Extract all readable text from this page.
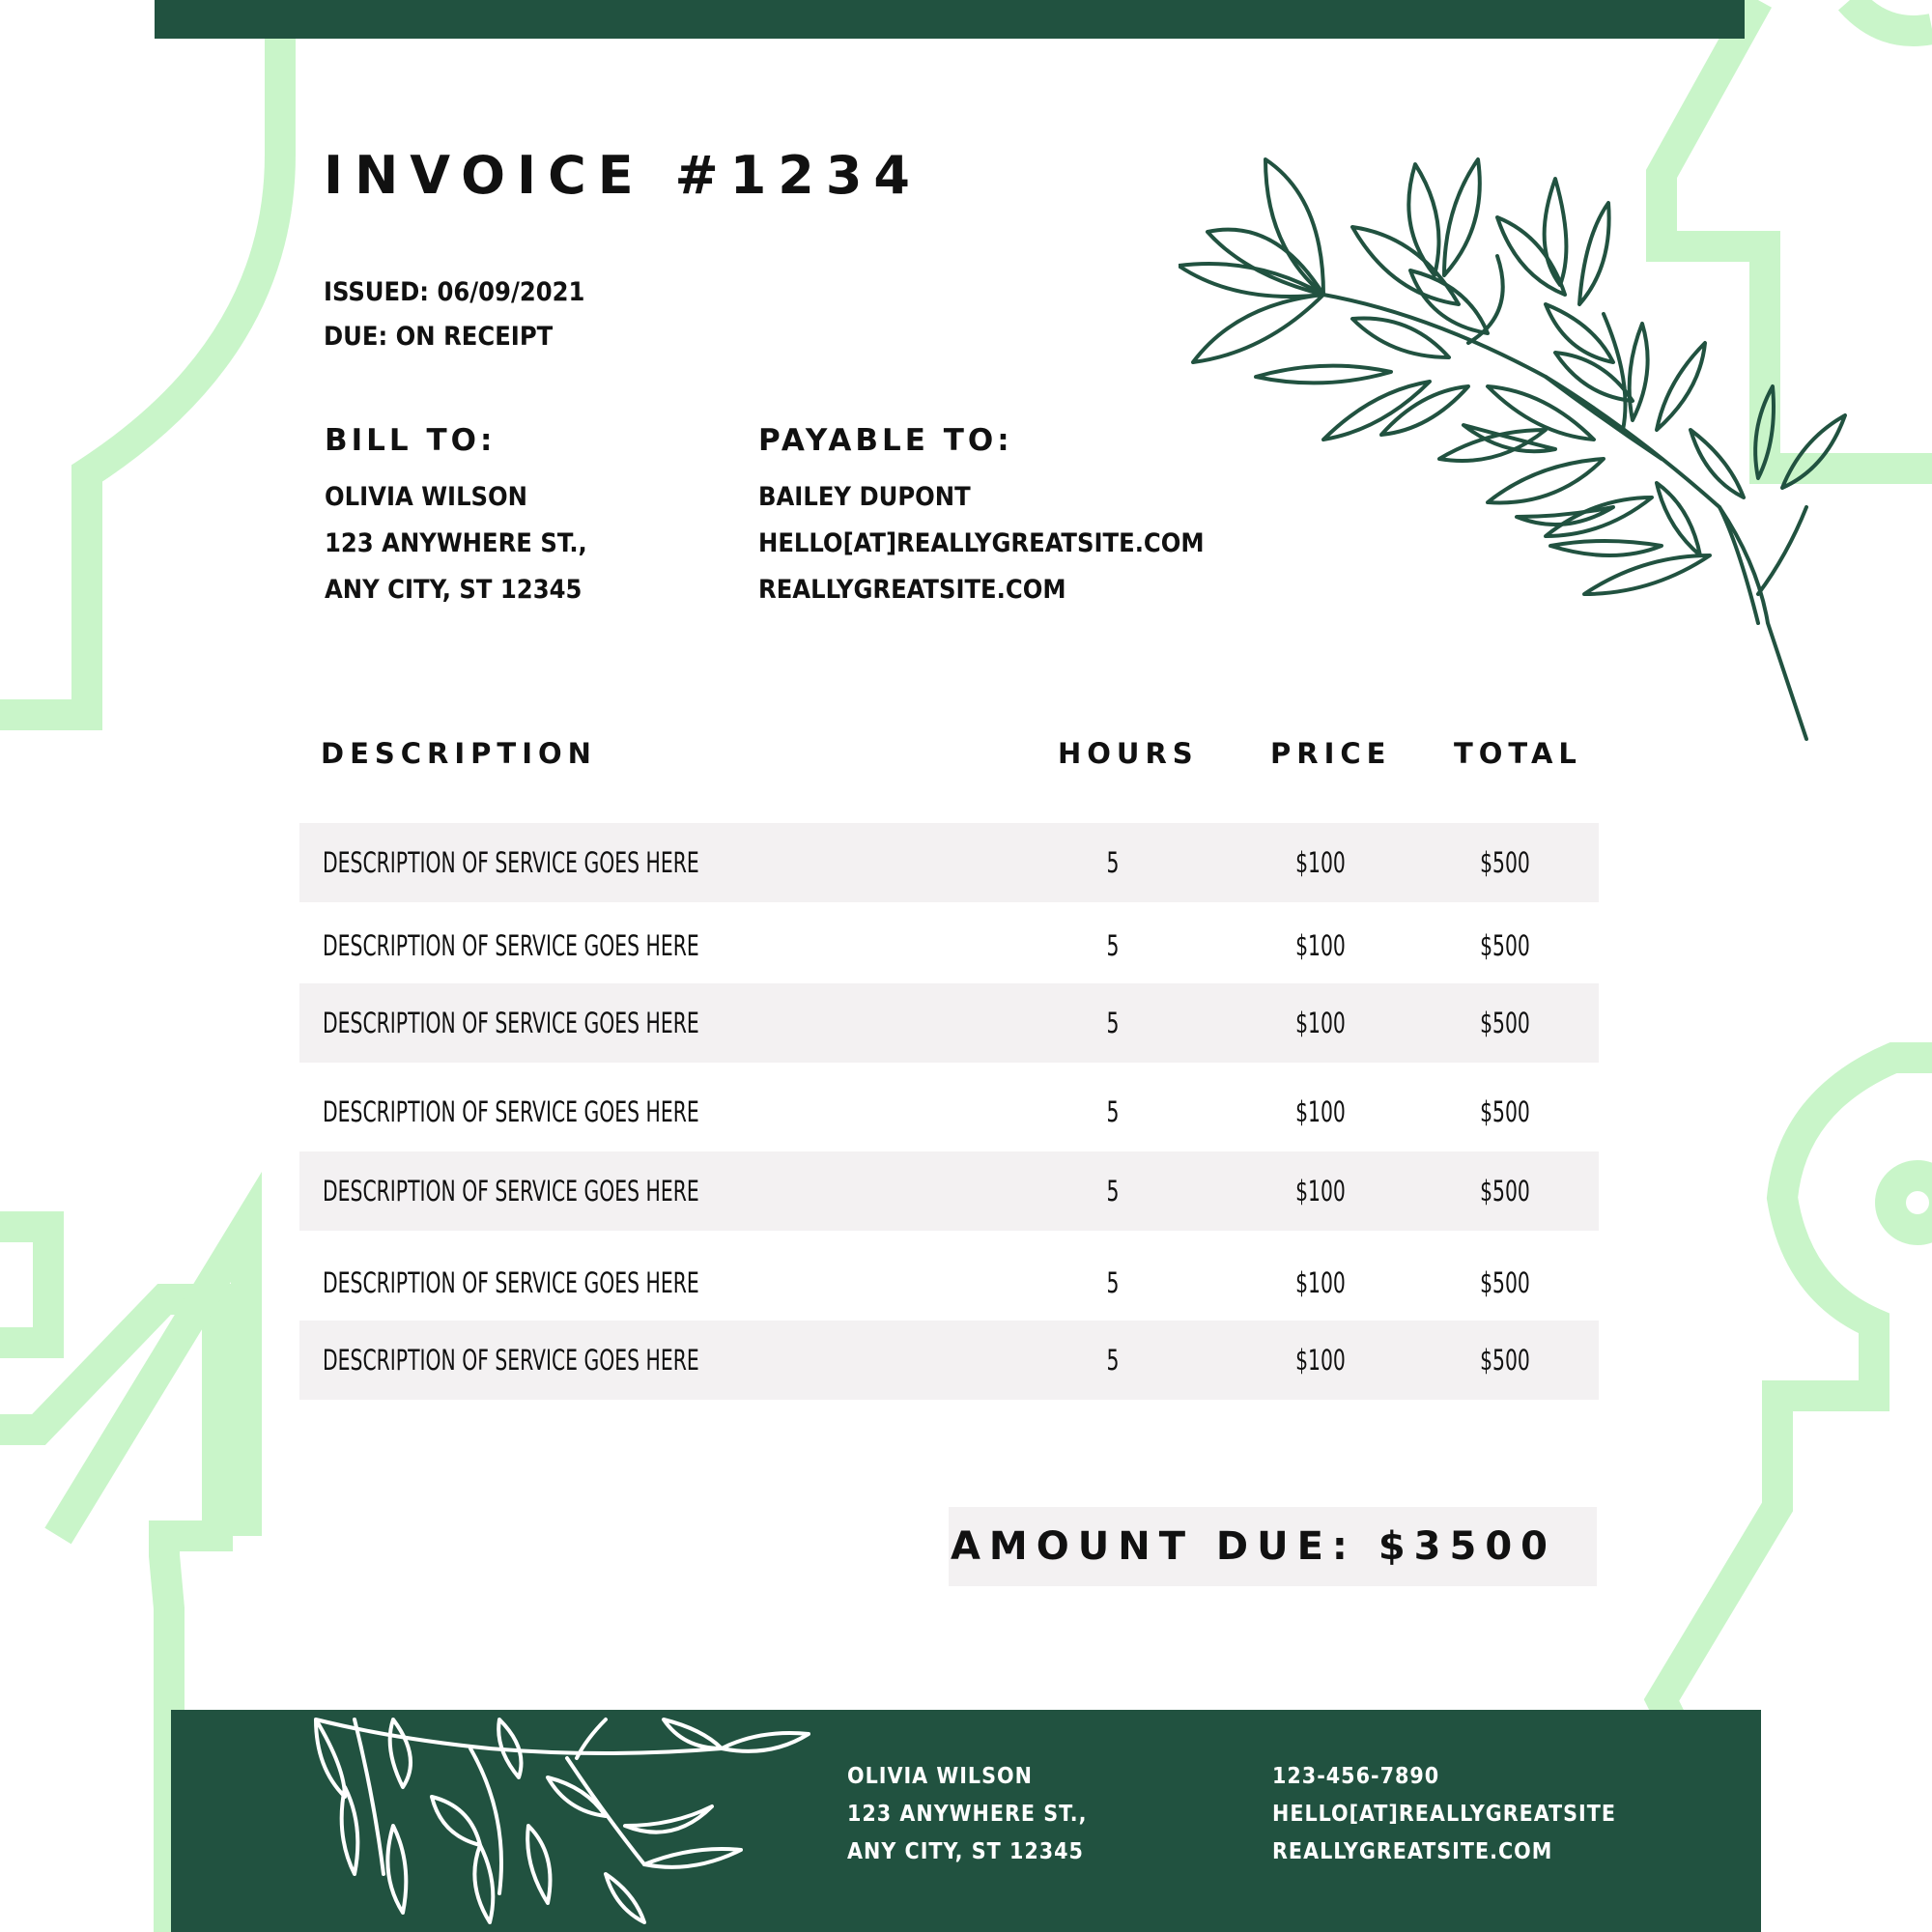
INVOICE #1234
ISSUED: 06/09/2021
DUE: ON RECEIPT
BILL TO:
OLIVIA WILSON
123 ANYWHERE ST.,
ANY CITY, ST 12345
PAYABLE TO:
BAILEY DUPONT
HELLO[AT]REALLYGREATSITE.COM
REALLYGREATSITE.COM
DESCRIPTION	HOURS	PRICE TOTAL
DESCRIPTION OF SERVICE GOES HERE	5	$100	$500
DESCRIPTION OF SERVICE GOES HERE	5	$100	$500
DESCRIPTION OF SERVICE GOES HERE	5	$100	$500
DESCRIPTION OF SERVICE GOES HERE	5	$100	$500
DESCRIPTION OF SERVICE GOES HERE	5	$100	$500
DESCRIPTION OF SERVICE GOES HERE	5	$100	$500
DESCRIPTION OF SERVICE GOES HERE	5	$100	$500
AMOUNT DUE: $3500
OLIVIA WILSON
123 ANYWHERE ST.,
ANY CITY, ST 12345
123-456-7890
HELLO[AT]REALLYGREATSITE
REALLYGREATSITE.COM
